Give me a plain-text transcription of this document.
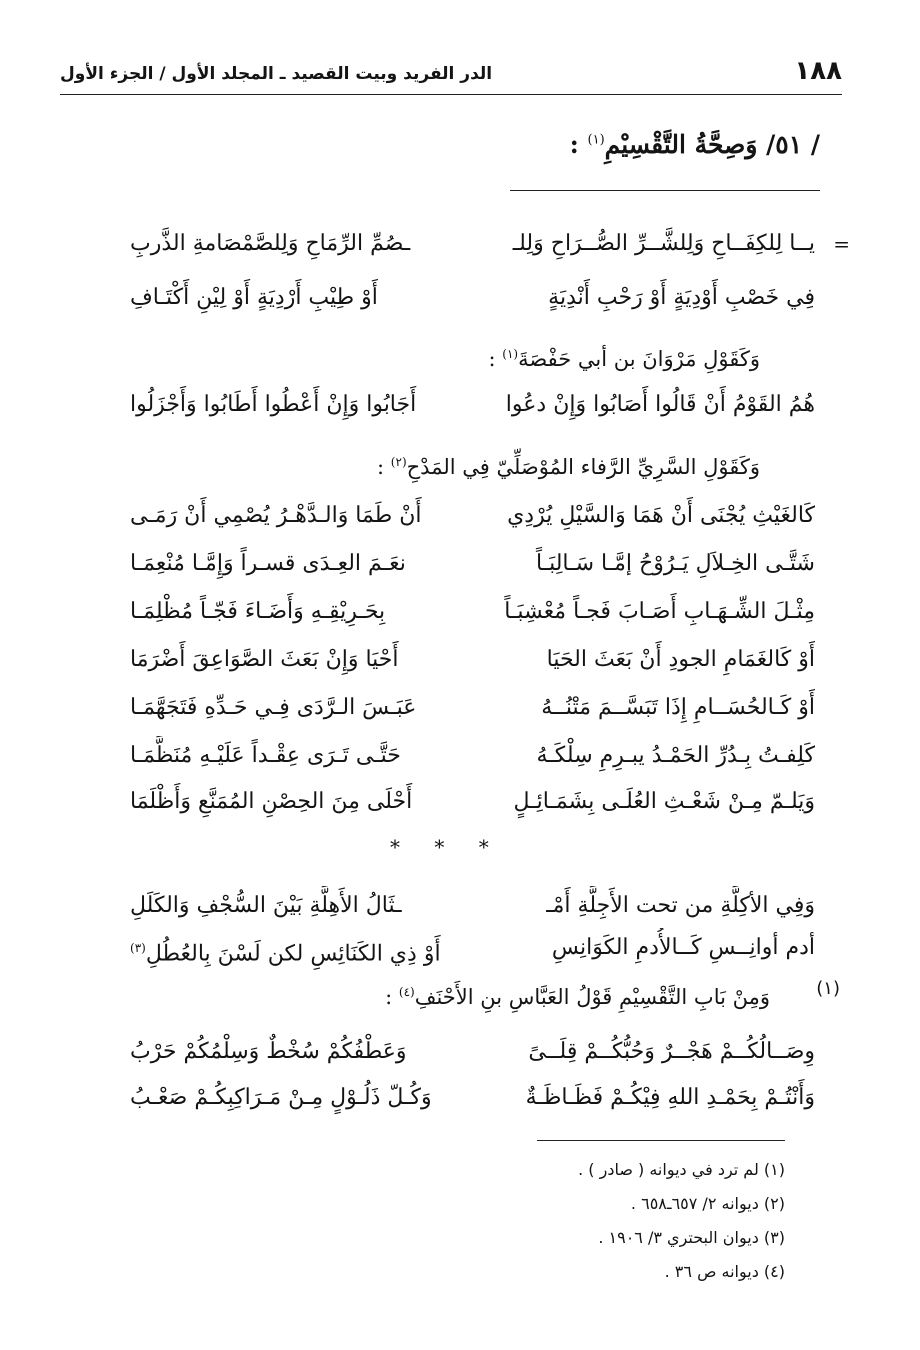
١٨٨
الدر الفريد وبيت القصيد ـ المجلد الأول / الجزء الأول
/ ٥١/ وَصِحَّةُ التَّقْسِيْمِ$^{(١)}$ :
=
يــا لِلكِفَــاحِ وَلِلشَّــرِّ الصُّــرَاحِ وَلِلـ
ـصُمِّ الرِّمَاحِ وَلِلصَّمْصَامةِ الذَّربِ
فِي خَصْبِ أَوْدِيَةٍ أَوْ رَحْبِ أَنْدِيَةٍ
أَوْ طِيْبِ أَرْدِيَةٍ أَوْ لِيْنِ أَكْتَـافِ
وَكَقَوْلِ مَرْوَانَ بن أبي حَفْصَةَ$^{(١)}$ :
هُمُ القَوْمُ أَنْ قَالُوا أَصَابُوا وَإِنْ دعُوا
أَجَابُوا وَإِنْ أَعْطُوا أَطَابُوا وَأَجْزَلُوا
وَكَقَوْلِ السَّرِيِّ الرَّفاء المُوْصَلِّيّ فِي المَدْحِ$^{(٢)}$ :
كَالغَيْثِ يُجْنَى أَنْ هَمَا وَالسَّيْلِ يُرْدِي
أَنْ طَمَا وَالـدَّهْـرُ يُصْمِي أَنْ رَمَـى
شَتَّـى الخِـلاَلِ يَـرُوْحُ إمَّـا سَـالِبَـاً
نعَـمَ العِـدَى قسـراً وَإِمَّـا مُنْعِمَـا
مِثْـلَ الشِّـهَـابِ أَصَـابَ فَجـاً مُعْشِبَـاً
بِحَـرِيْقِـهِ وَأَضَـاءَ فَجّـاً مُظْلِمَـا
أَوْ كَالغَمَامِ الجودِ أَنْ بَعَثَ الحَيَا
أَحْيَا وَإِنْ بَعَثَ الصَّوَاعِقَ أَضْرَمَا
أَوْ كَـالحُسَــامِ إِذَا تَبَسَّــمَ مَتْنُــهُ
عَبَـسَ الـرَّدَى فِـي حَـدِّهِ فَتَجَهَّمَـا
كَلِفـتُ بِـدُرِّ الحَمْـدُ يبـرِمِ سِلْكَـهُ
حَتَّـى تَـرَى عِقْـداً عَلَيْـهِ مُنَظَّمَـا
وَيَلـمّ مِـنْ شَعْـثِ العُلَـى بِشَمَـائِـلٍ
أَحْلَى مِنَ الحِصْنِ المُمَنَّعِ وَأَظْلَمَا
* * *
وَفِي الأكِلَّةِ من تحت الأَجِلَّةِ أَمْـ
ـثَالُ الأَهِلَّةِ بَيْنَ السُّجْفِ وَالكَلَلِ
أدم أوانِــسِ كَــالأُدمِ الكَوَانِسِ
أَوْ ذِي الكَنَائِسِ لكن لَسْنَ بِالعُطُلِ$^{(٣)}$
(١)
وَمِنْ بَابِ التَّقْسِيْمِ قَوْلُ العَبَّاسِ بنِ الأَحْنَفِ$^{(٤)}$ :
وِصَــالُكُــمْ هَجْــرٌ وَحُبُّكُــمْ قِلَــىً
وَعَطْفُكُمْ سُخْطٌ وَسِلْمُكُمْ حَرْبُ
وَأَنْتُـمْ بِحَمْـدِ اللهِ فِيْكُـمْ فَظَـاظَـةٌ
وَكُـلّ ذَلُـوْلٍ مِـنْ مَـرَاكِبِكُـمْ صَعْـبُ
(١) لم ترد في ديوانه ( صادر ) .
(٢) ديوانه ٢/ ٦٥٧ـ٦٥٨ .
(٣) ديوان البحتري ٣/ ١٩٠٦ .
(٤) ديوانه ص ٣٦ .
